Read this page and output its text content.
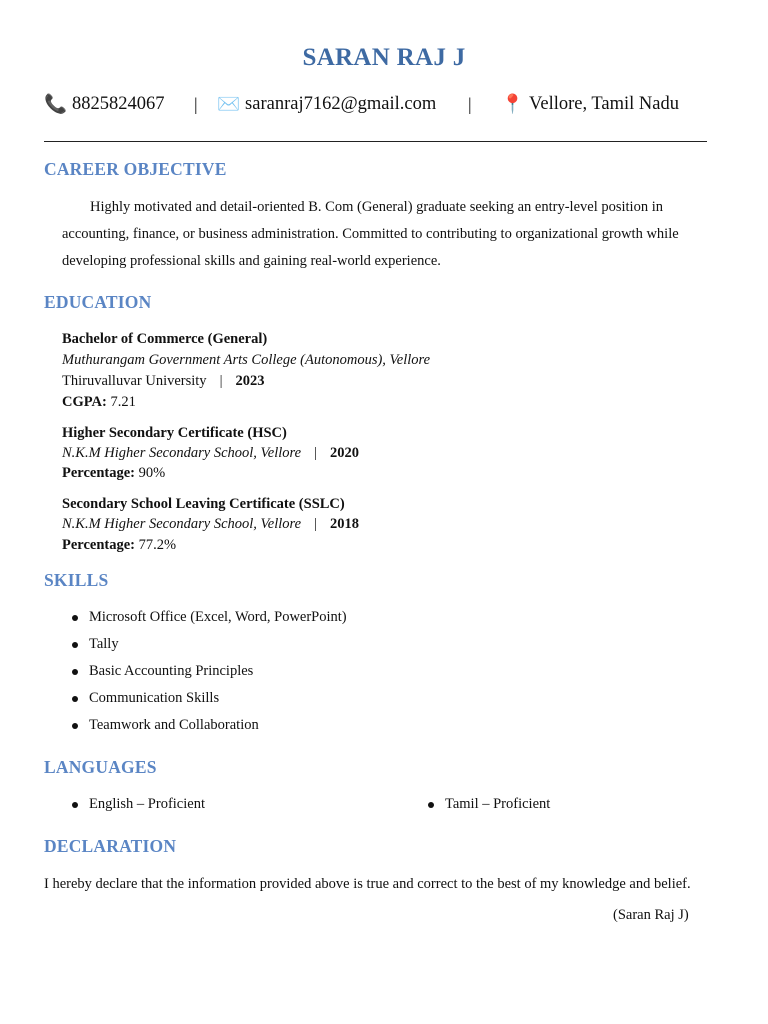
SARAN RAJ J
📞 8825824067 | ✉️ saranraj7162@gmail.com | 📍 Vellore, Tamil Nadu
CAREER OBJECTIVE
Highly motivated and detail-oriented B. Com (General) graduate seeking an entry-level position in
accounting, finance, or business administration. Committed to contributing to organizational growth while
developing professional skills and gaining real-world experience.
EDUCATION
Bachelor of Commerce (General)
Muthurangam Government Arts College (Autonomous), Vellore
Thiruvalluvar University | 2023
CGPA: 7.21
Higher Secondary Certificate (HSC)
N.K.M Higher Secondary School, Vellore | 2020
Percentage: 90%
Secondary School Leaving Certificate (SSLC)
N.K.M Higher Secondary School, Vellore | 2018
Percentage: 77.2%
SKILLS
Microsoft Office (Excel, Word, PowerPoint)
Tally
Basic Accounting Principles
Communication Skills
Teamwork and Collaboration
LANGUAGES
English – Proficient	Tamil – Proficient
DECLARATION
I hereby declare that the information provided above is true and correct to the best of my knowledge and belief.
(Saran Raj J)
